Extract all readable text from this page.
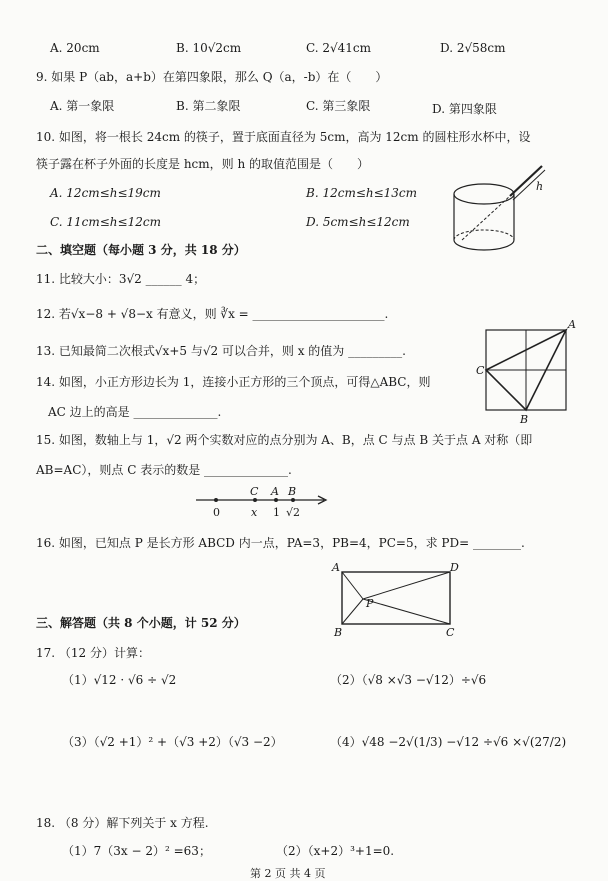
A. 20cm	B. 10√2cm	C. 2√41cm	D. 2√58cm
9. 如果 P（ab，a+b）在第四象限，那么 Q（a，-b）在（　　）
A. 第一象限	B. 第二象限	C. 第三象限	D. 第四象限
10. 如图，将一根长 24cm 的筷子，置于底面直径为 5cm，高为 12cm 的圆柱形水杯中，设
筷子露在杯子外面的长度是 hcm，则 h 的取值范围是（　　）
A. 12cm≤h≤19cm	B. 12cm≤h≤13cm
C. 11cm≤h≤12cm	D. 5cm≤h≤12cm
h
二、填空题（每小题 3 分，共 18 分）
11. 比较大小：3√2 ______ 4；
12. 若√x−8 + √8−x 有意义，则 ∛x = ______________________.
13. 已知最简二次根式√x+5 与√2 可以合并，则 x 的值为 _________.
14. 如图，小正方形边长为 1，连接小正方形的三个顶点，可得△ABC，则
AC 边上的高是 ______________.
A
B
C
15. 如图，数轴上与 1，√2 两个实数对应的点分别为 A、B，点 C 与点 B 关于点 A 对称（即
AB=AC），则点 C 表示的数是 ______________.
C A B
0	x 1 √2
16. 如图，已知点 P 是长方形 ABCD 内一点，PA=3，PB=4，PC=5，求 PD= ________.
A	D
P
B	C
三、解答题（共 8 个小题，计 52 分）
17. （12 分）计算：
（1）√12 · √6 ÷ √2	（2）（√8 ×√3 −√12）÷√6
（3）（√2 +1）² +（√3 +2）（√3 −2）	（4）√48 −2√(1/3) −√12 ÷√6 ×√(27/2)
18. （8 分）解下列关于 x 方程.
（1）7（3x − 2）² =63；	（2）（x+2）³+1=0.
第 2 页 共 4 页
